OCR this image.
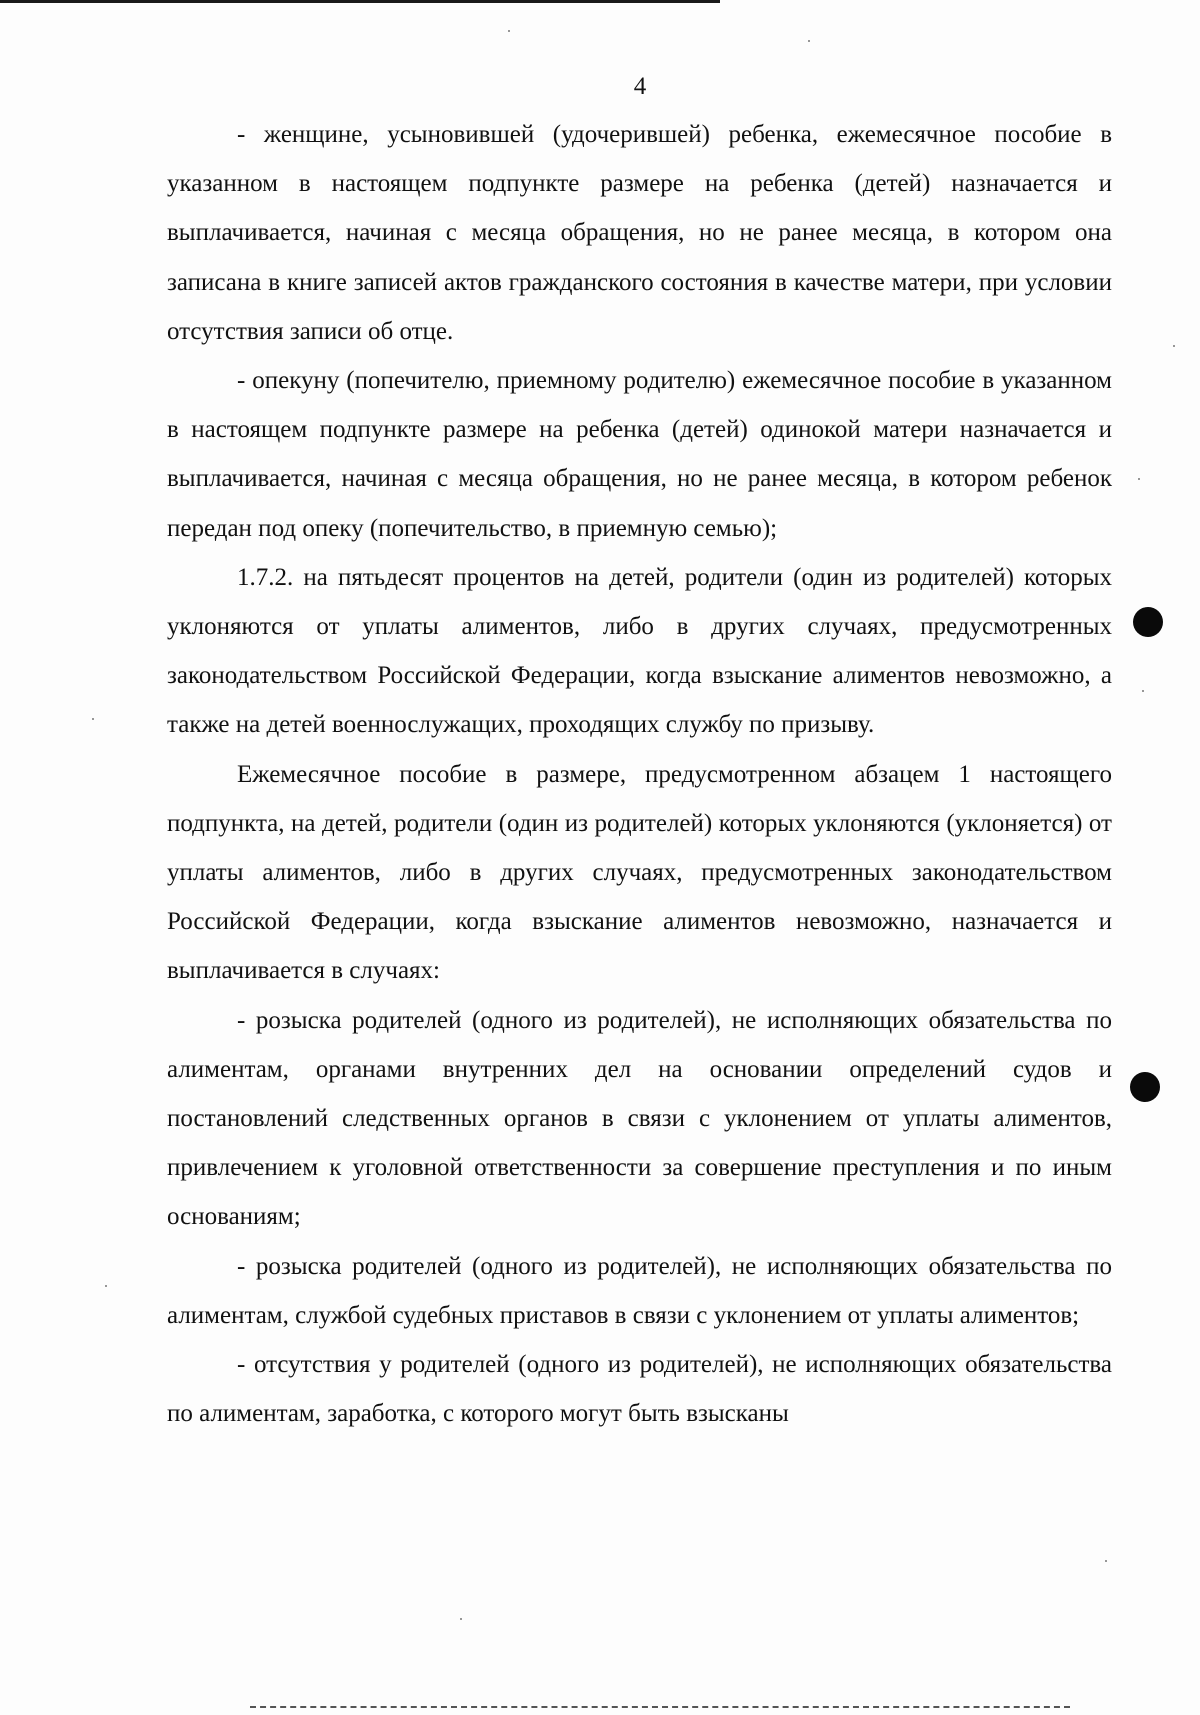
4

- женщине, усыновившей (удочерившей) ребенка, ежемесячное пособие в указанном в настоящем подпункте размере на ребенка (детей) назначается и выплачивается, начиная с месяца обращения, но не ранее месяца, в котором она записана в книге записей актов гражданского состояния в качестве матери, при условии отсутствия записи об отце.

- опекуну (попечителю, приемному родителю) ежемесячное пособие в указанном в настоящем подпункте размере на ребенка (детей) одинокой матери назначается и выплачивается, начиная с месяца обращения, но не ранее месяца, в котором ребенок передан под опеку (попечительство, в приемную семью);

1.7.2. на пятьдесят процентов на детей, родители (один из родителей) которых уклоняются от уплаты алиментов, либо в других случаях, предусмотренных законодательством Российской Федерации, когда взыскание алиментов невозможно, а также на детей военнослужащих, проходящих службу по призыву.

Ежемесячное пособие в размере, предусмотренном абзацем 1 настоящего подпункта, на детей, родители (один из родителей) которых уклоняются (уклоняется) от уплаты алиментов, либо в других случаях, предусмотренных законодательством Российской Федерации, когда взыскание алиментов невозможно, назначается и выплачивается в случаях:

- розыска родителей (одного из родителей), не исполняющих обязательства по алиментам, органами внутренних дел на основании определений судов и постановлений следственных органов в связи с уклонением от уплаты алиментов, привлечением к уголовной ответственности за совершение преступления и по иным основаниям;

- розыска родителей (одного из родителей), не исполняющих обязательства по алиментам, службой судебных приставов в связи с уклонением от уплаты алиментов;

- отсутствия у родителей (одного из родителей), не исполняющих обязательства по алиментам, заработка, с которого могут быть взысканы
